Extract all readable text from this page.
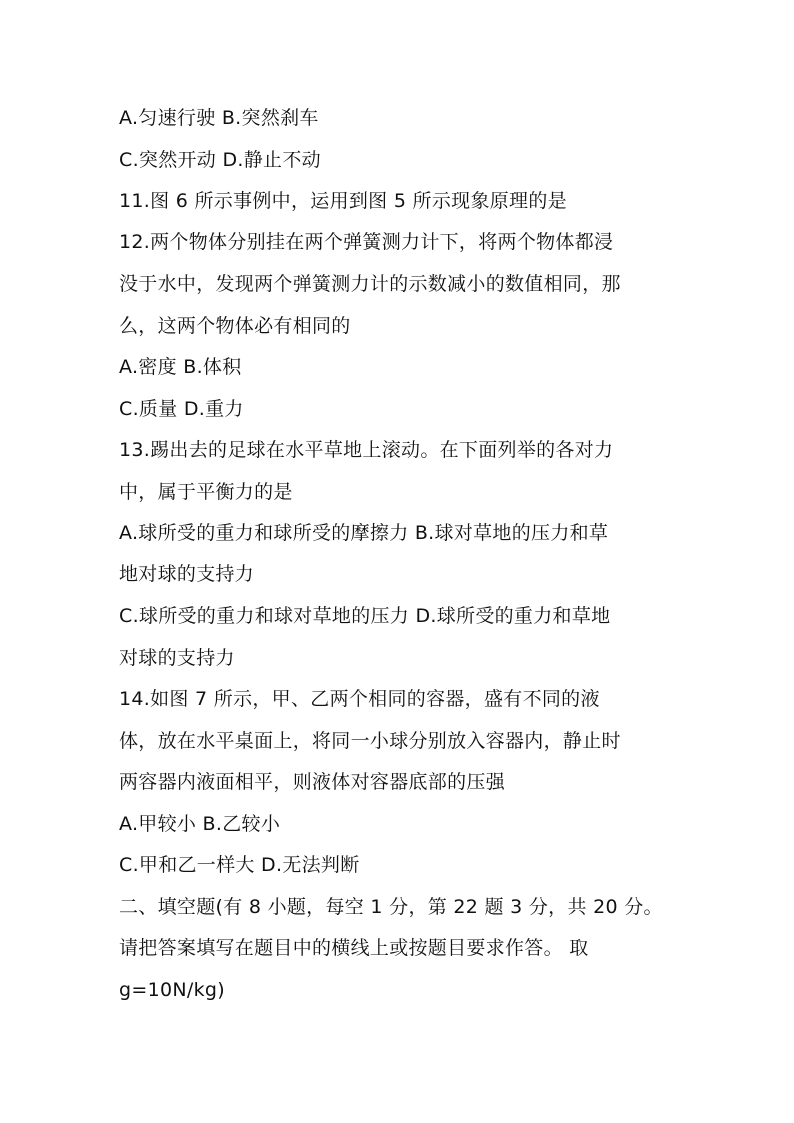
A.匀速行驶 B.突然刹车
C.突然开动 D.静止不动
11.图 6 所示事例中，运用到图 5 所示现象原理的是
12.两个物体分别挂在两个弹簧测力计下，将两个物体都浸
没于水中，发现两个弹簧测力计的示数减小的数值相同，那
么，这两个物体必有相同的
A.密度 B.体积
C.质量 D.重力
13.踢出去的足球在水平草地上滚动。在下面列举的各对力
中，属于平衡力的是
A.球所受的重力和球所受的摩擦力 B.球对草地的压力和草
地对球的支持力
C.球所受的重力和球对草地的压力 D.球所受的重力和草地
对球的支持力
14.如图 7 所示，甲、乙两个相同的容器，盛有不同的液
体，放在水平桌面上，将同一小球分别放入容器内，静止时
两容器内液面相平，则液体对容器底部的压强
A.甲较小 B.乙较小
C.甲和乙一样大 D.无法判断
二、填空题(有 8 小题，每空 1 分，第 22 题 3 分，共 20 分。
请把答案填写在题目中的横线上或按题目要求作答。 取
g=10N/kg)
